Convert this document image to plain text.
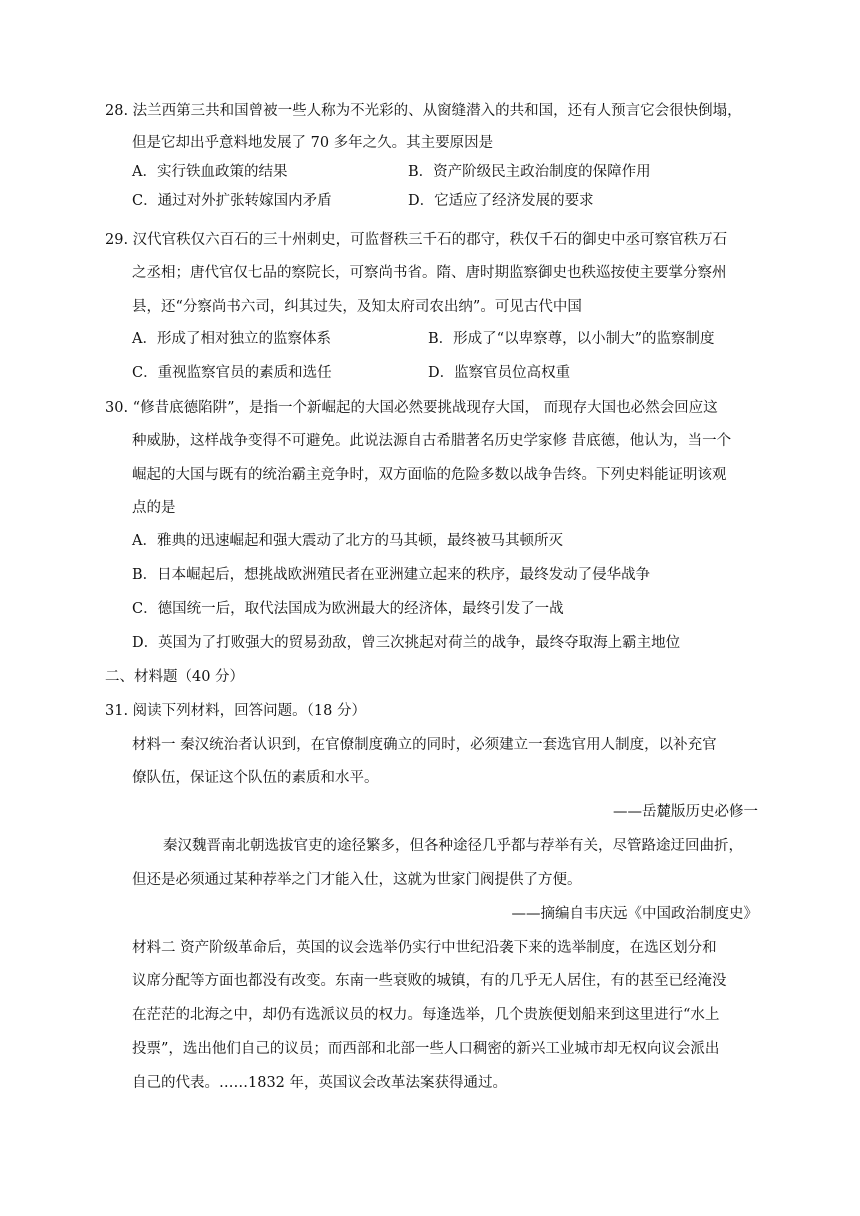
28. 法兰西第三共和国曾被一些人称为不光彩的、从窗缝潜入的共和国，还有人预言它会很快倒塌，
但是它却出乎意料地发展了 70 多年之久。其主要原因是
A．实行铁血政策的结果	B．资产阶级民主政治制度的保障作用
C．通过对外扩张转嫁国内矛盾	D．它适应了经济发展的要求
29. 汉代官秩仅六百石的三十州刺史，可监督秩三千石的郡守，秩仅千石的御史中丞可察官秩万石
之丞相；唐代官仅七品的察院长，可察尚书省。隋、唐时期监察御史也秩巡按使主要掌分察州
县，还“分察尚书六司，纠其过失，及知太府司农出纳”。可见古代中国
A．形成了相对独立的监察体系	B．形成了“以卑察尊，以小制大”的监察制度
C．重视监察官员的素质和选任	D．监察官员位高权重
30. “修昔底德陷阱”，是指一个新崛起的大国必然要挑战现存大国， 而现存大国也必然会回应这
种威胁，这样战争变得不可避免。此说法源自古希腊著名历史学家修 昔底德，他认为，当一个
崛起的大国与既有的统治霸主竞争时，双方面临的危险多数以战争告终。下列史料能证明该观
点的是
A．雅典的迅速崛起和强大震动了北方的马其顿，最终被马其顿所灭
B．日本崛起后，想挑战欧洲殖民者在亚洲建立起来的秩序，最终发动了侵华战争
C．德国统一后，取代法国成为欧洲最大的经济体，最终引发了一战
D．英国为了打败强大的贸易劲敌，曾三次挑起对荷兰的战争，最终夺取海上霸主地位
二、材料题（40 分）
31. 阅读下列材料，回答问题。（18 分）
材料一 秦汉统治者认识到，在官僚制度确立的同时，必须建立一套选官用人制度，以补充官
僚队伍，保证这个队伍的素质和水平。
——岳麓版历史必修一
秦汉魏晋南北朝选拔官吏的途径繁多，但各种途径几乎都与荐举有关，尽管路途迂回曲折，
但还是必须通过某种荐举之门才能入仕，这就为世家门阀提供了方便。
——摘编自韦庆远《中国政治制度史》
材料二 资产阶级革命后，英国的议会选举仍实行中世纪沿袭下来的选举制度，在选区划分和
议席分配等方面也都没有改变。东南一些衰败的城镇，有的几乎无人居住，有的甚至已经淹没
在茫茫的北海之中，却仍有选派议员的权力。每逢选举，几个贵族便划船来到这里进行“水上
投票”，选出他们自己的议员；而西部和北部一些人口稠密的新兴工业城市却无权向议会派出
自己的代表。……1832 年，英国议会改革法案获得通过。
